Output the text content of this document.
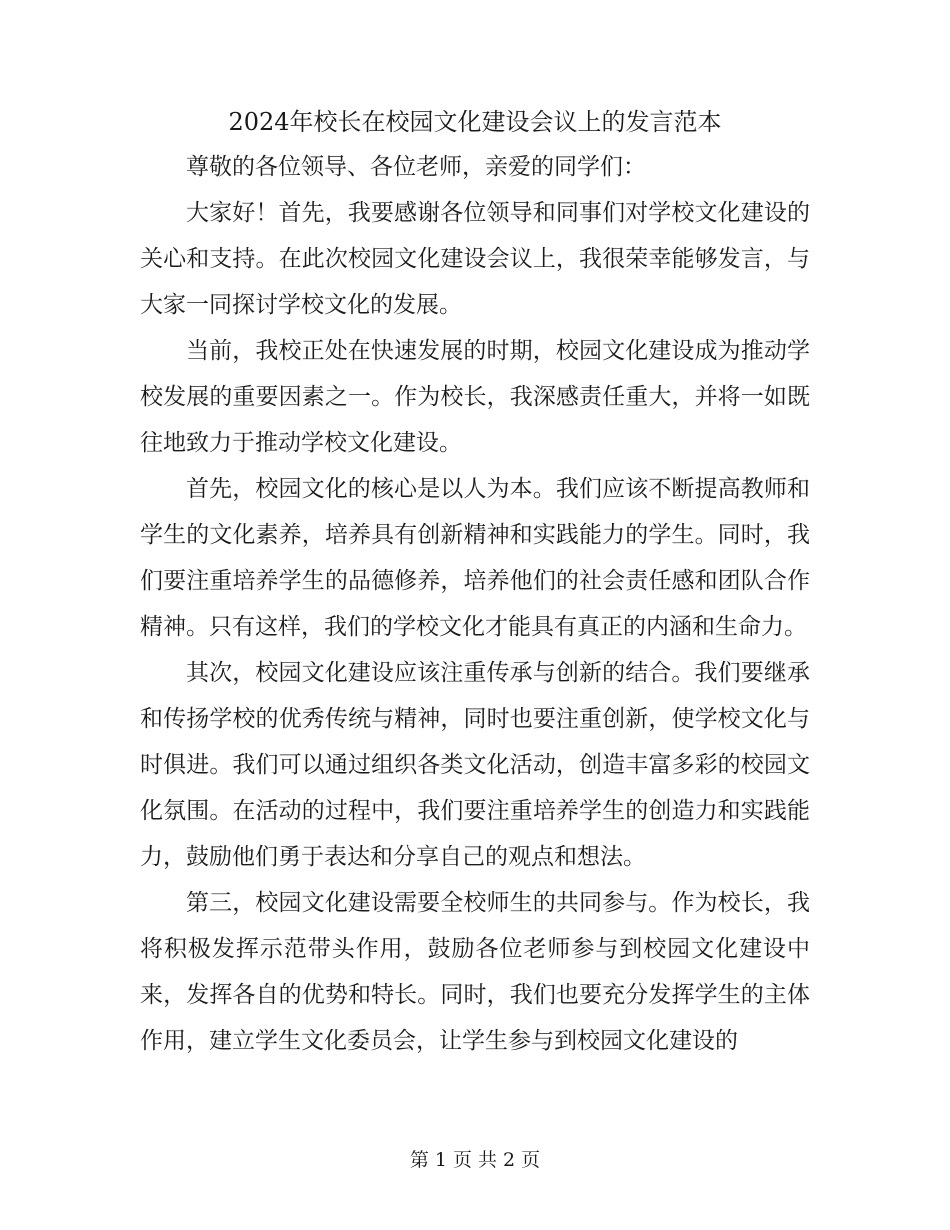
2024年校长在校园文化建设会议上的发言范本

尊敬的各位领导、各位老师，亲爱的同学们：

大家好！首先，我要感谢各位领导和同事们对学校文化建设的关心和支持。在此次校园文化建设会议上，我很荣幸能够发言，与大家一同探讨学校文化的发展。

当前，我校正处在快速发展的时期，校园文化建设成为推动学校发展的重要因素之一。作为校长，我深感责任重大，并将一如既往地致力于推动学校文化建设。

首先，校园文化的核心是以人为本。我们应该不断提高教师和学生的文化素养，培养具有创新精神和实践能力的学生。同时，我们要注重培养学生的品德修养，培养他们的社会责任感和团队合作精神。只有这样，我们的学校文化才能具有真正的内涵和生命力。

其次，校园文化建设应该注重传承与创新的结合。我们要继承和传扬学校的优秀传统与精神，同时也要注重创新，使学校文化与时俱进。我们可以通过组织各类文化活动，创造丰富多彩的校园文化氛围。在活动的过程中，我们要注重培养学生的创造力和实践能力，鼓励他们勇于表达和分享自己的观点和想法。

第三，校园文化建设需要全校师生的共同参与。作为校长，我将积极发挥示范带头作用，鼓励各位老师参与到校园文化建设中来，发挥各自的优势和特长。同时，我们也要充分发挥学生的主体作用，建立学生文化委员会，让学生参与到校园文化建设的

第 1 页 共 2 页
